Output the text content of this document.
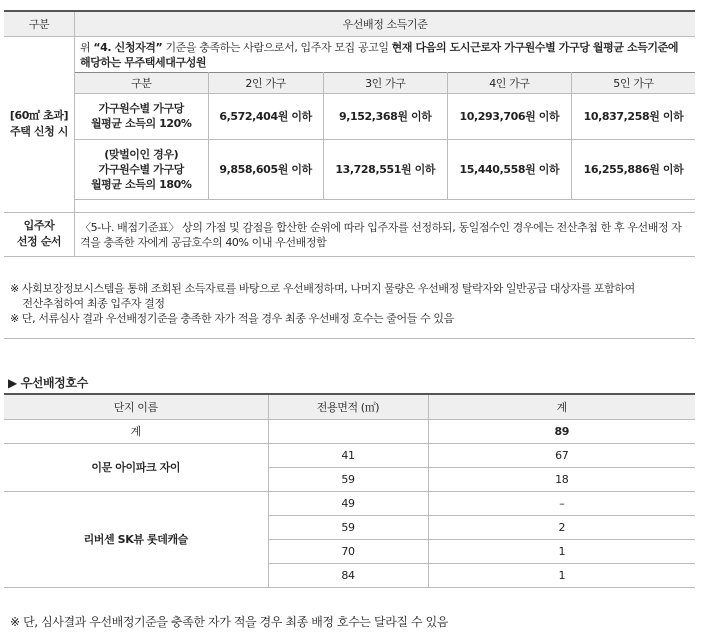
구분	우선배정 소득기준
[60㎡ 초과]
주택 신청 시	
위 “4. 신청자격” 기준을 충족하는 사람으로서, 입주자 모집 공고일 현재 다음의 도시근로자 가구원수별 가구당 월평균 소득기준에 해당하는 무주택세대구성원
구분	2인 가구	3인 가구	4인 가구	5인 가구
가구원수별 가구당
월평균 소득의 120%	6,572,404원 이하	9,152,368원 이하	10,293,706원 이하	10,837,258원 이하
(맞벌이인 경우)
가구원수별 가구당
월평균 소득의 180%	9,858,605원 이하	13,728,551원 이하	15,440,558원 이하	16,255,886원 이하

입주자
선정 순서	〈5-나. 배점기준표〉 상의 가점 및 감점을 합산한 순위에 따라 입주자를 선정하되, 동일점수인 경우에는 전산추첨 한 후 우선배정 자격을 충족한 자에게 공급호수의 40% 이내 우선배정함
※ 사회보장정보시스템을 통해 조회된 소득자료를 바탕으로 우선배정하며, 나머지 물량은 우선배정 탈락자와 일반공급 대상자를 포함하여
전산추첨하여 최종 입주자 결정
※ 단, 서류심사 결과 우선배정기준을 충족한 자가 적을 경우 최종 우선배정 호수는 줄어들 수 있음
▶ 우선배정호수
단지 이름	전용면적 (㎡)	계
계		89
이문 아이파크 자이	41	67
	59	18
리버센 SK뷰 롯데캐슬	49	–
	59	2
	70	1
	84	1
※ 단, 심사결과 우선배정기준을 충족한 자가 적을 경우 최종 배정 호수는 달라질 수 있음
